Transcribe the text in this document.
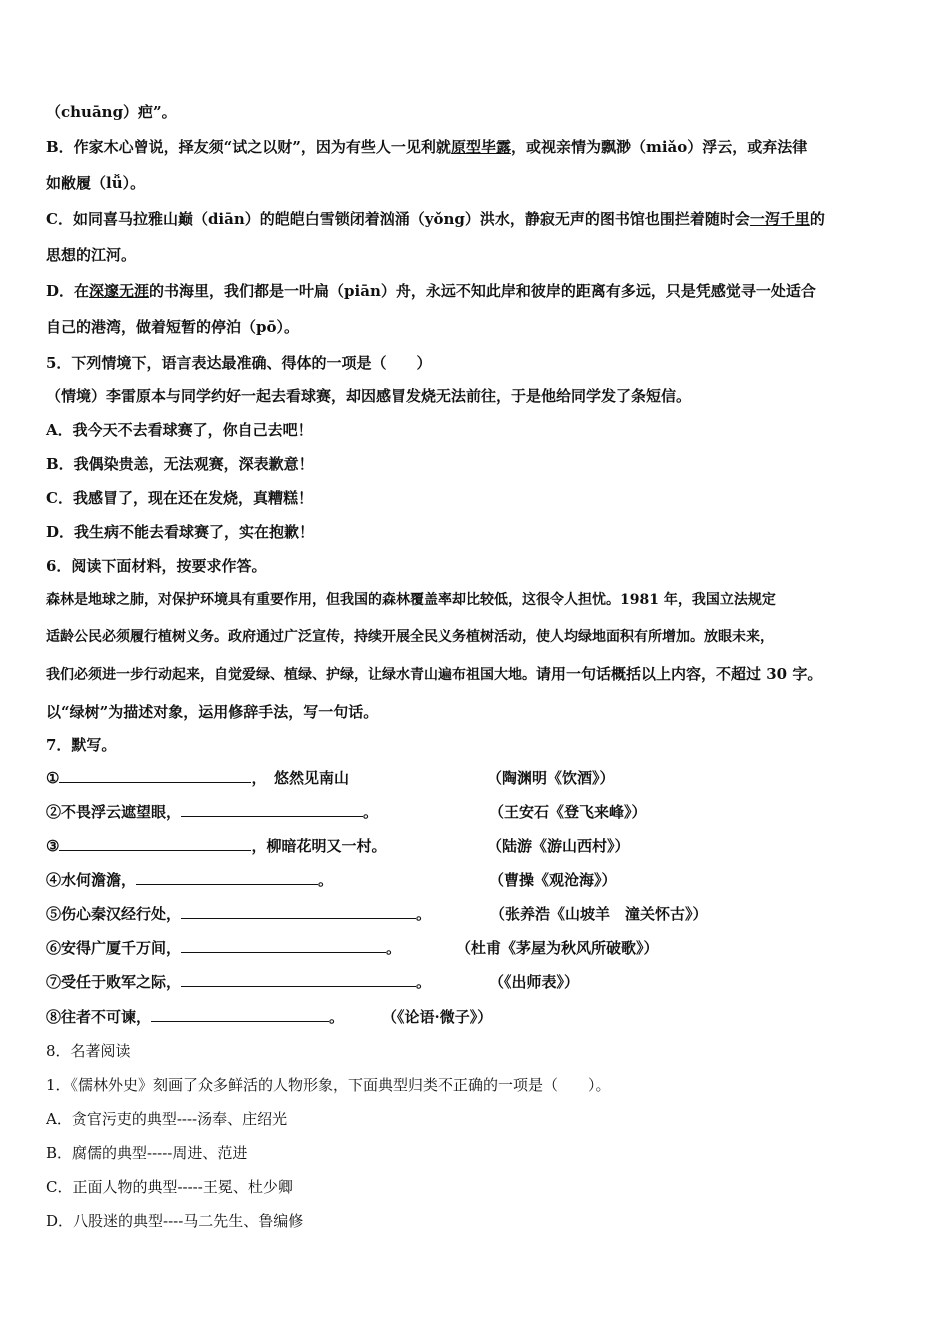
（chuāng）疤”。
B．作家木心曾说，择友须“试之以财”，因为有些人一见利就原型毕露，或视亲情为飘渺（miǎo）浮云，或弃法律
如敝履（lǚ）。
C．如同喜马拉雅山巅（diān）的皑皑白雪锁闭着汹涌（yǒng）洪水，静寂无声的图书馆也围拦着随时会一泻千里的
思想的江河。
D．在深邃无涯的书海里，我们都是一叶扁（piān）舟，永远不知此岸和彼岸的距离有多远，只是凭感觉寻一处适合
自己的港湾，做着短暂的停泊（pō）。
5．下列情境下，语言表达最准确、得体的一项是（　　）
（情境）李雷原本与同学约好一起去看球赛，却因感冒发烧无法前往，于是他给同学发了条短信。
A．我今天不去看球赛了，你自己去吧！
B．我偶染贵恙，无法观赛，深表歉意！
C．我感冒了，现在还在发烧，真糟糕！
D．我生病不能去看球赛了，实在抱歉！
6．阅读下面材料，按要求作答。
森林是地球之肺，对保护环境具有重要作用，但我国的森林覆盖率却比较低，这很令人担忧。1981 年，我国立法规定
适龄公民必须履行植树义务。政府通过广泛宣传，持续开展全民义务植树活动，使人均绿地面积有所增加。放眼未来，
我们必须进一步行动起来，自觉爱绿、植绿、护绿，让绿水青山遍布祖国大地。请用一句话概括以上内容，不超过 30 字。
以“绿树”为描述对象，运用修辞手法，写一句话。
7．默写。
①	，　悠然见南山	（陶渊明《饮酒》）
②不畏浮云遮望眼，	。	（王安石《登飞来峰》）
③	，柳暗花明又一村。	（陆游《游山西村》）
④水何澹澹，	。	（曹操《观沧海》）
⑤伤心秦汉经行处，	。	（张养浩《山坡羊　潼关怀古》）
⑥安得广厦千万间，	。	（杜甫《茅屋为秋风所破歌》）
⑦受任于败军之际，	。	（《出师表》）
⑧往者不可谏，	。	（《论语·微子》）
8．名著阅读
1．《儒林外史》刻画了众多鲜活的人物形象，下面典型归类不正确的一项是（　　）。
A．贪官污吏的典型----汤奉、庄绍光
B．腐儒的典型-----周进、范进
C．正面人物的典型-----王冕、杜少卿
D．八股迷的典型----马二先生、鲁编修
